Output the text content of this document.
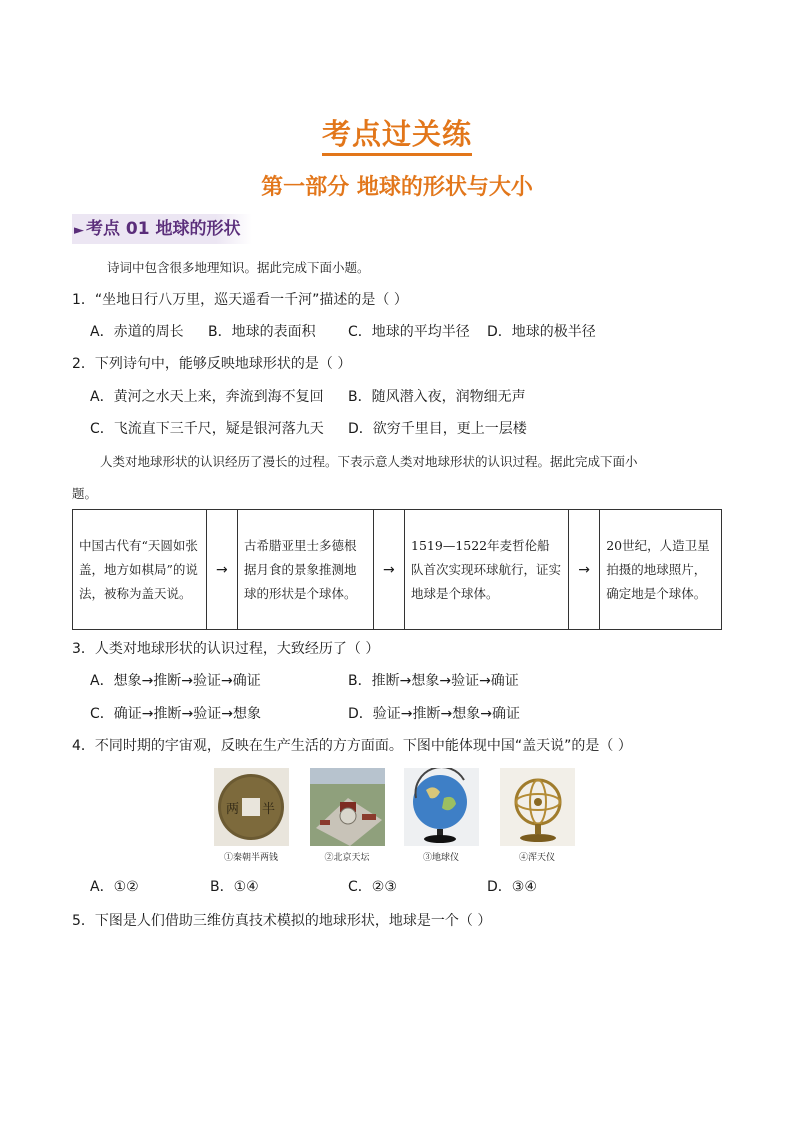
考点过关练
第一部分 地球的形状与大小
► 考点 01 地球的形状
诗词中包含很多地理知识。据此完成下面小题。
1．“坐地日行八万里，巡天遥看一千河”描述的是（ ）
A．赤道的周长 B．地球的表面积 C．地球的平均半径 D．地球的极半径
2．下列诗句中，能够反映地球形状的是（ ）
A．黄河之水天上来，奔流到海不复回 B．随风潜入夜，润物细无声
C．飞流直下三千尺，疑是银河落九天 D．欲穷千里目，更上一层楼
人类对地球形状的认识经历了漫长的过程。下表示意人类对地球形状的认识过程。据此完成下面小
题。
中国古代有“天圆如张盖，地方如棋局”的说法，被称为盖天说。	→	古希腊亚里士多德根据月食的景象推测地球的形状是个球体。	→	1519—1522年麦哲伦船队首次实现环球航行，证实地球是个球体。	→	20世纪，人造卫星拍摄的地球照片，确定地是个球体。
3．人类对地球形状的认识过程，大致经历了（ ）
A．想象→推断→验证→确证	B．推断→想象→验证→确证
C．确证→推断→验证→想象	D．验证→推断→想象→确证
4．不同时期的宇宙观，反映在生产生活的方方面面。下图中能体现中国“盖天说”的是（ ）
两 半
①秦朝半两钱	②北京天坛	③地球仪	④浑天仪
A．①②	B．①④	C．②③	D．③④
5．下图是人们借助三维仿真技术模拟的地球形状，地球是一个（ ）
